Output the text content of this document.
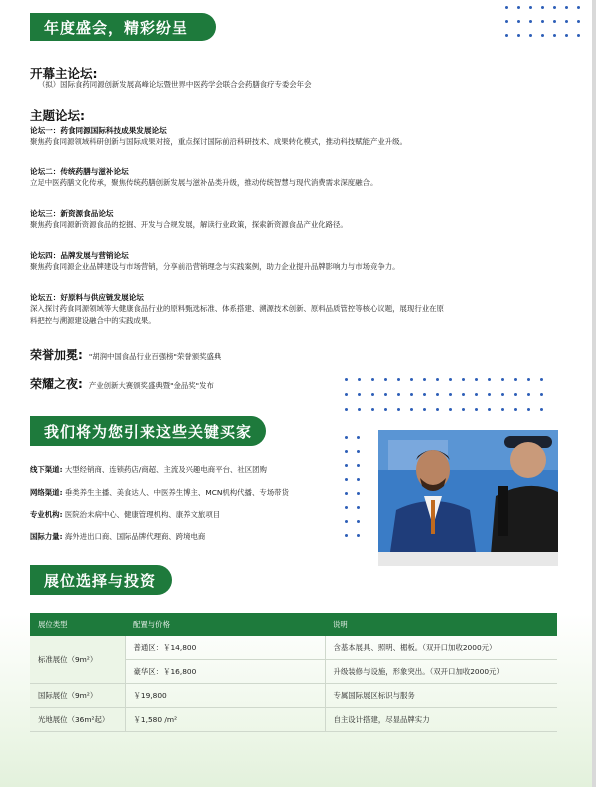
年度盛会，精彩纷呈
开幕主论坛:
（拟）国际食药同源创新发展高峰论坛暨世界中医药学会联合会药膳食疗专委会年会
主题论坛:
论坛一：药食同源国际科技成果发展论坛
聚焦药食同源领域科研创新与国际成果对接，重点探讨国际前沿科研技术、成果转化模式，推动科技赋能产业升级。
论坛二：传统药膳与滋补论坛
立足中医药膳文化传承，聚焦传统药膳创新发展与滋补品类升级，推动传统智慧与现代消费需求深度融合。
论坛三：新资源食品论坛
聚焦药食同源新资源食品的挖掘、开发与合规发展，解读行业政策，探索新资源食品产业化路径。
论坛四：品牌发展与营销论坛
聚焦药食同源企业品牌建设与市场营销，分享前沿营销理念与实践案例，助力企业提升品牌影响力与市场竞争力。
论坛五：好原料与供应链发展论坛
深入探讨药食同源领域等大健康食品行业的原料甄选标准、体系搭建、溯源技术创新、原料品质管控等核心议题，展现行业在原
料把控与溯源建设融合中的实践成果。
荣誉加冕: "胡润中国食品行业百强榜"荣誉颁奖盛典
荣耀之夜: 产业创新大赛颁奖盛典暨"金品奖"发布
我们将为您引来这些关键买家
线下渠道: 大型经销商、连锁药店/商超、主流及兴趣电商平台、社区团购
网络渠道: 垂类养生主播、美食达人、中医养生博主、MCN机构代播、专场带货
专业机构: 医院治未病中心、健康管理机构、康养文旅项目
国际力量: 海外进出口商、国际品牌代理商、跨境电商
展位选择与投资
展位类型	配置与价格	说明
标准展位（9m²）	普通区：￥14,800	含基本展具、照明、楣板。（双开口加收2000元）
	豪华区：￥16,800	升级装修与设施，形象突出。（双开口加收2000元）
国际展位（9m²）	￥19,800	专属国际展区标识与服务
光地展位（36m²起）	￥1,580 /m²	自主设计搭建，尽显品牌实力
